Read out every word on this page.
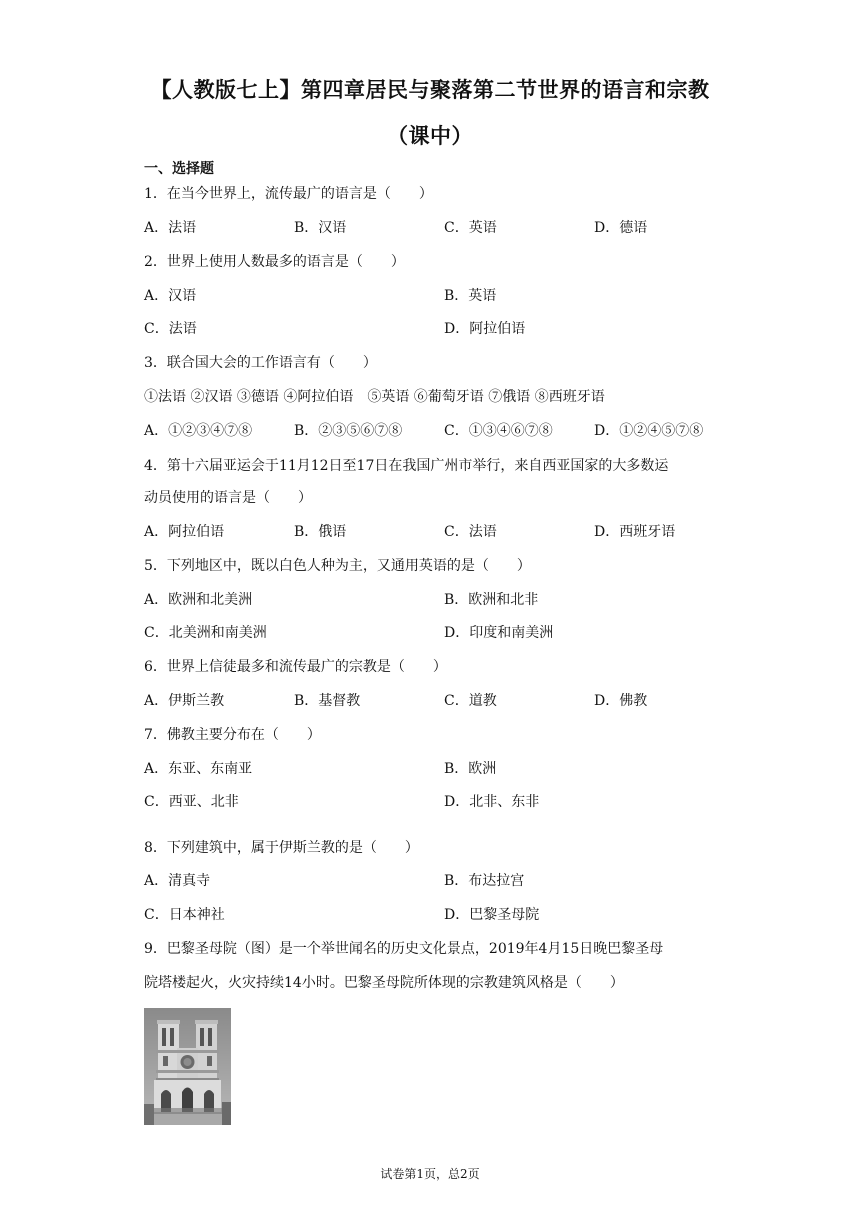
【人教版七上】第四章居民与聚落第二节世界的语言和宗教
（课中）
一、选择题
1．在当今世界上，流传最广的语言是（　　）
A．法语	B．汉语	C．英语	D．德语
2．世界上使用人数最多的语言是（　　）
A．汉语	B．英语
C．法语	D．阿拉伯语
3．联合国大会的工作语言有（　　）
①法语 ②汉语 ③德语 ④阿拉伯语　⑤英语 ⑥葡萄牙语 ⑦俄语 ⑧西班牙语
A．①②③④⑦⑧	B．②③⑤⑥⑦⑧	C．①③④⑥⑦⑧	D．①②④⑤⑦⑧
4．第十六届亚运会于11月12日至17日在我国广州市举行，来自西亚国家的大多数运
动员使用的语言是（　　）
A．阿拉伯语	B．俄语	C．法语	D．西班牙语
5．下列地区中，既以白色人种为主，又通用英语的是（　　）
A．欧洲和北美洲	B．欧洲和北非
C．北美洲和南美洲	D．印度和南美洲
6．世界上信徒最多和流传最广的宗教是（　　）
A．伊斯兰教	B．基督教	C．道教	D．佛教
7．佛教主要分布在（　　）
A．东亚、东南亚	B．欧洲
C．西亚、北非	D．北非、东非
8．下列建筑中，属于伊斯兰教的是（　　）
A．清真寺	B．布达拉宫
C．日本神社	D．巴黎圣母院
9．巴黎圣母院（图）是一个举世闻名的历史文化景点，2019年4月15日晚巴黎圣母
院塔楼起火，火灾持续14小时。巴黎圣母院所体现的宗教建筑风格是（　　）
试卷第1页，总2页
